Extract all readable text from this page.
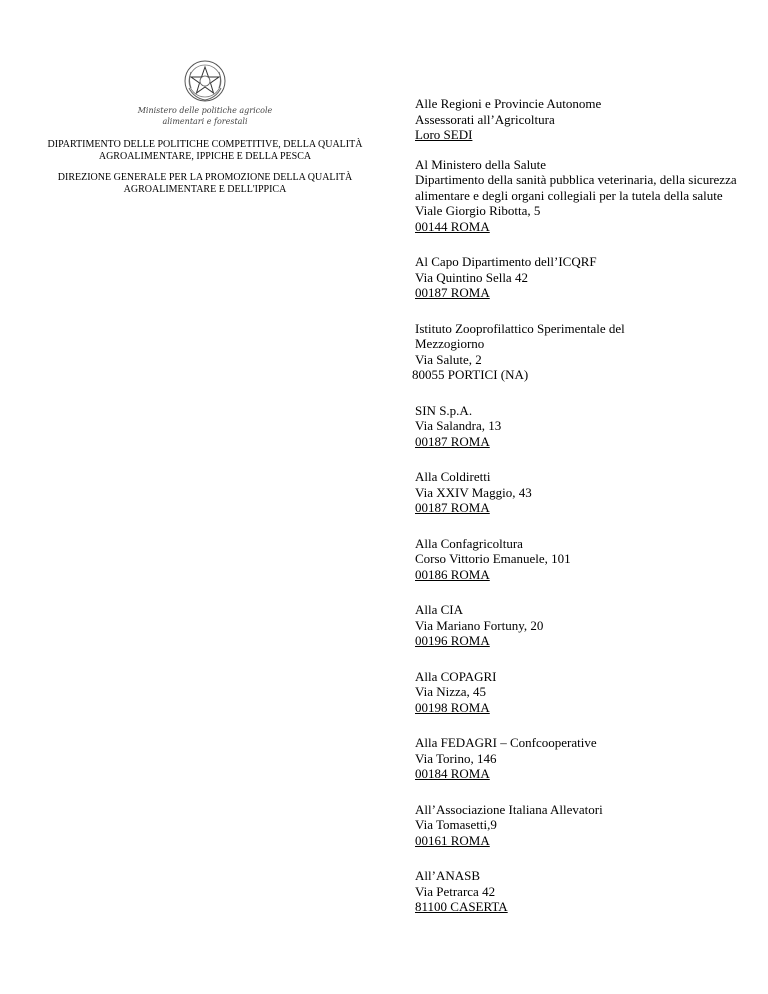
Ministero delle politiche agricole
alimentari e forestali
DIPARTIMENTO DELLE POLITICHE COMPETITIVE, DELLA QUALITÀ
AGROALIMENTARE, IPPICHE E DELLA PESCA
DIREZIONE GENERALE PER LA PROMOZIONE DELLA QUALITÀ
AGROALIMENTARE E DELL'IPPICA
Alle Regioni e Provincie Autonome
Assessorati all’Agricoltura
Loro SEDI
Al Ministero della Salute
Dipartimento della sanità pubblica veterinaria, della sicurezza alimentare e degli organi collegiali per la tutela della salute
Viale Giorgio Ribotta, 5
00144 ROMA
Al Capo Dipartimento dell’ICQRF
Via Quintino Sella 42
00187 ROMA
Istituto Zooprofilattico Sperimentale del
Mezzogiorno
Via Salute, 2
80055 PORTICI (NA)
SIN S.p.A.
Via Salandra, 13
00187 ROMA
Alla Coldiretti
Via XXIV Maggio, 43
00187 ROMA
Alla Confagricoltura
Corso Vittorio Emanuele, 101
00186 ROMA
Alla CIA
Via Mariano Fortuny, 20
00196 ROMA
Alla COPAGRI
Via Nizza, 45
00198 ROMA
Alla FEDAGRI – Confcooperative
Via Torino, 146
00184 ROMA
All’Associazione Italiana Allevatori
Via Tomasetti,9
00161 ROMA
All’ANASB
Via Petrarca 42
81100 CASERTA
